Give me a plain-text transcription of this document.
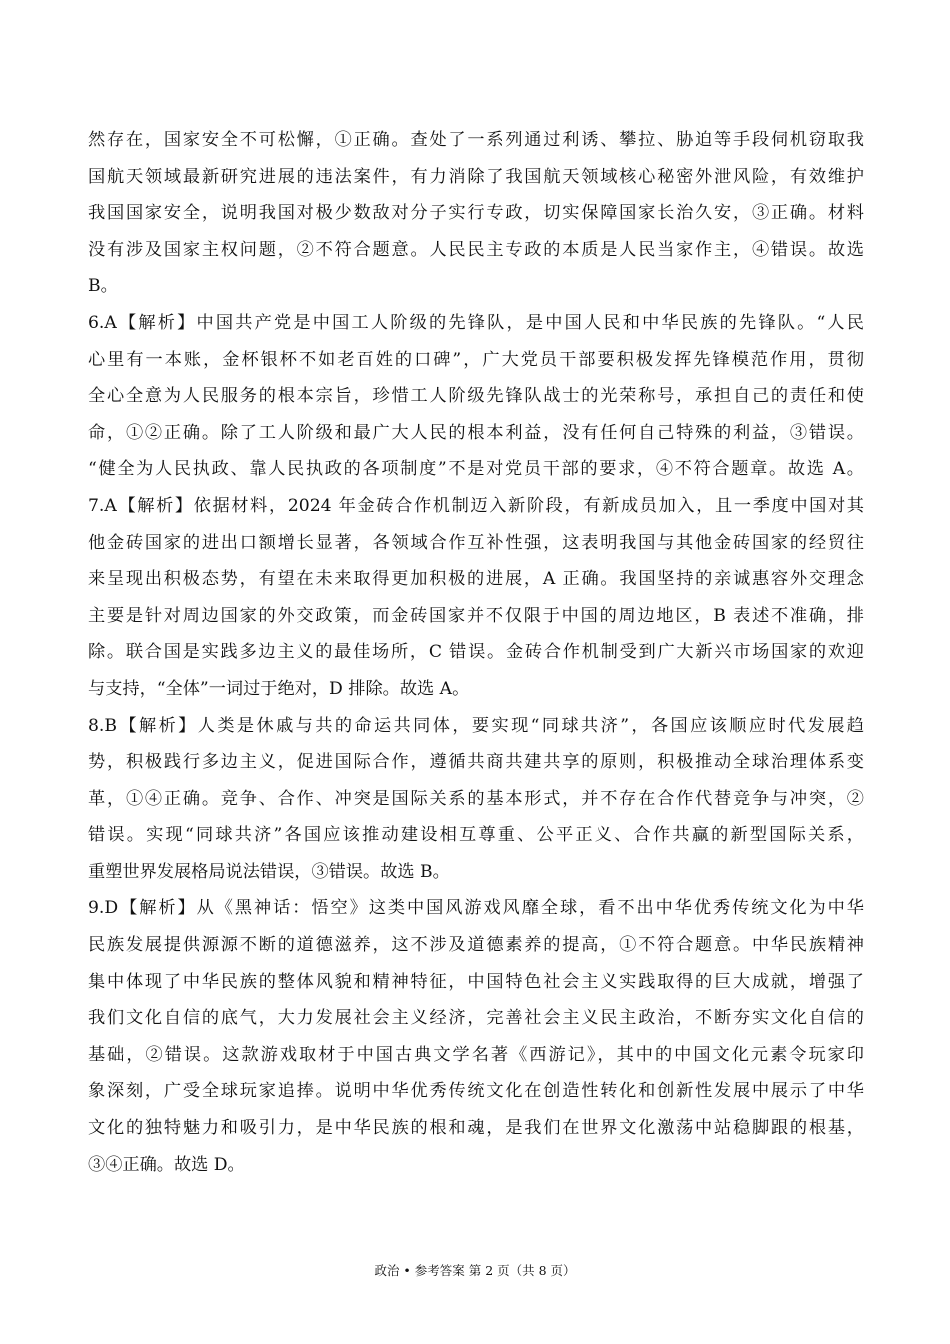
然存在，国家安全不可松懈，①正确。查处了一系列通过利诱、攀拉、胁迫等手段伺机窃取我
国航天领域最新研究进展的违法案件，有力消除了我国航天领域核心秘密外泄风险，有效维护
我国国家安全，说明我国对极少数敌对分子实行专政，切实保障国家长治久安，③正确。材料
没有涉及国家主权问题，②不符合题意。人民民主专政的本质是人民当家作主，④错误。故选
B。
6.A【解析】中国共产党是中国工人阶级的先锋队，是中国人民和中华民族的先锋队。“人民
心里有一本账，金杯银杯不如老百姓的口碑”，广大党员干部要积极发挥先锋模范作用，贯彻
全心全意为人民服务的根本宗旨，珍惜工人阶级先锋队战士的光荣称号，承担自己的责任和使
命，①②正确。除了工人阶级和最广大人民的根本利益，没有任何自己特殊的利益，③错误。
“健全为人民执政、靠人民执政的各项制度”不是对党员干部的要求，④不符合题章。故选 A。
7.A【解析】依据材料，2024 年金砖合作机制迈入新阶段，有新成员加入，且一季度中国对其
他金砖国家的进出口额增长显著，各领域合作互补性强，这表明我国与其他金砖国家的经贸往
来呈现出积极态势，有望在未来取得更加积极的进展，A 正确。我国坚持的亲诚惠容外交理念
主要是针对周边国家的外交政策，而金砖国家并不仅限于中国的周边地区，B 表述不准确，排
除。联合国是实践多边主义的最佳场所，C 错误。金砖合作机制受到广大新兴市场国家的欢迎
与支持，“全体”一词过于绝对，D 排除。故选 A。
8.B【解析】人类是休戚与共的命运共同体，要实现“同球共济”，各国应该顺应时代发展趋
势，积极践行多边主义，促进国际合作，遵循共商共建共享的原则，积极推动全球治理体系变
革，①④正确。竞争、合作、冲突是国际关系的基本形式，并不存在合作代替竞争与冲突，②
错误。实现“同球共济”各国应该推动建设相互尊重、公平正义、合作共赢的新型国际关系，
重塑世界发展格局说法错误，③错误。故选 B。
9.D【解析】从《黑神话：悟空》这类中国风游戏风靡全球，看不出中华优秀传统文化为中华
民族发展提供源源不断的道德滋养，这不涉及道德素养的提高，①不符合题意。中华民族精神
集中体现了中华民族的整体风貌和精神特征，中国特色社会主义实践取得的巨大成就，增强了
我们文化自信的底气，大力发展社会主义经济，完善社会主义民主政治，不断夯实文化自信的
基础，②错误。这款游戏取材于中国古典文学名著《西游记》，其中的中国文化元素令玩家印
象深刻，广受全球玩家追捧。说明中华优秀传统文化在创造性转化和创新性发展中展示了中华
文化的独特魅力和吸引力，是中华民族的根和魂，是我们在世界文化激荡中站稳脚跟的根基，
③④正确。故选 D。
政治 • 参考答案 第 2 页（共 8 页）
